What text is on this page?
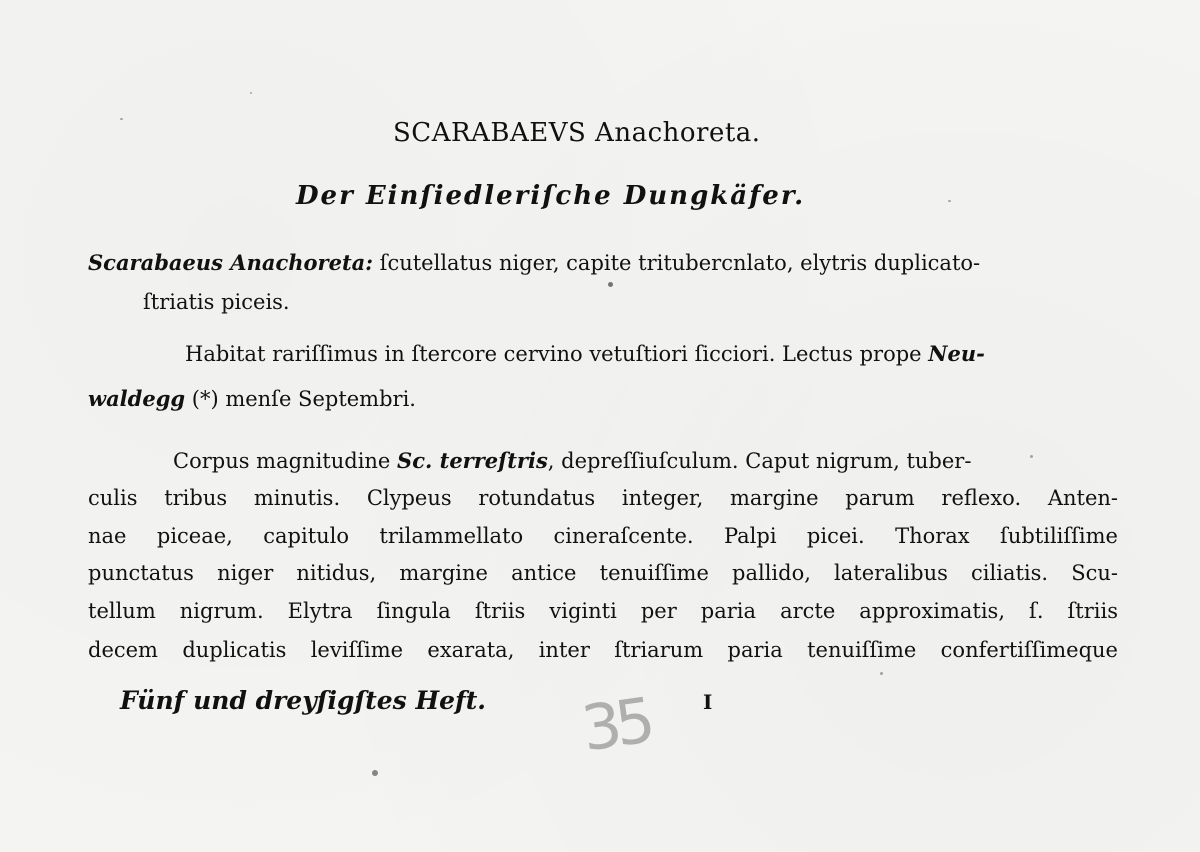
SCARABAEVS Anachoreta.
Der Einſiedleriſche Dungkäfer.
Scarabaeus Anachoreta: ſcutellatus niger, capite tritubercnlato, elytris duplicato-
ſtriatis piceis.
Habitat rariſſimus in ſtercore cervino vetuſtiori ſicciori. Lectus prope Neu-
waldegg (*) menſe Septembri.
Corpus magnitudine Sc. terreſtris, depreſſiuſculum. Caput nigrum, tuber-
culis tribus minutis. Clypeus rotundatus integer, margine parum reflexo. Anten-
nae piceae, capitulo trilammellato cineraſcente. Palpi picei. Thorax ſubtiliſſime
punctatus niger nitidus, margine antice tenuiſſime pallido, lateralibus ciliatis. Scu-
tellum nigrum. Elytra ſingula ſtriis viginti per paria arcte approximatis, ſ. ſtriis
decem duplicatis leviſſime exarata, inter ſtriarum paria tenuiſſime confertiſſimeque
Fünf und dreyſigſtes Heft. 35 I
